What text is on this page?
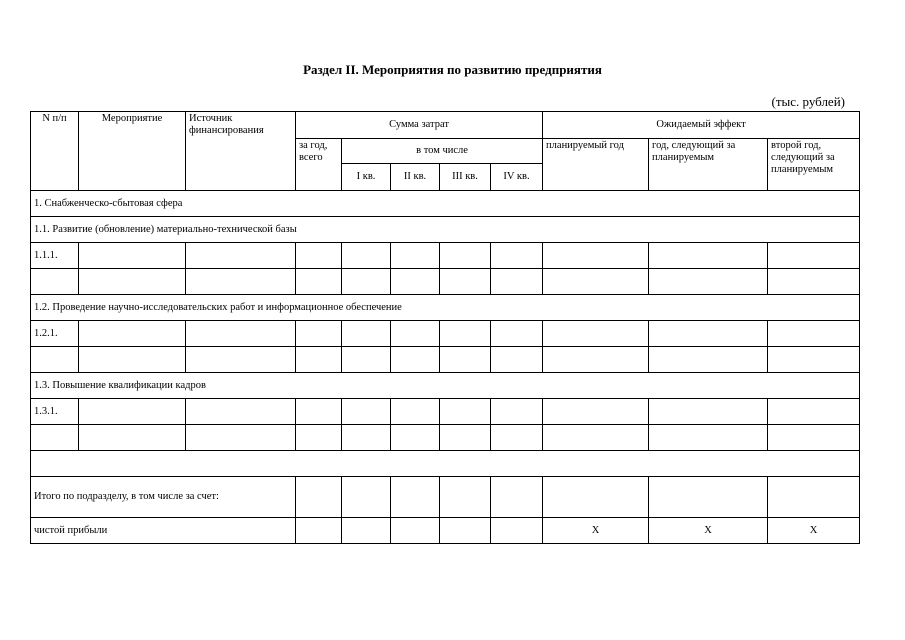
Раздел II. Мероприятия по развитию предприятия
(тыс. рублей)
N п/п	Мероприятие	Источник финансирования	Сумма затрат					Ожидаемый эффект		
			за год, всего	в том числе				планируемый год	год, следующий за планируемым	второй год, следующий за планируемым
				I кв.	II кв.	III кв.	IV кв.			
1. Снабженческо-сбытовая сфера										
1.1. Развитие (обновление) материально-технической базы										
1.1.1.										

1.2. Проведение научно-исследовательских работ и информационное обеспечение										
1.2.1.										

1.3. Повышение квалификации кадров										
1.3.1.										

Итого по подразделу, в том числе за счет:										
чистой прибыли								X	X	X
